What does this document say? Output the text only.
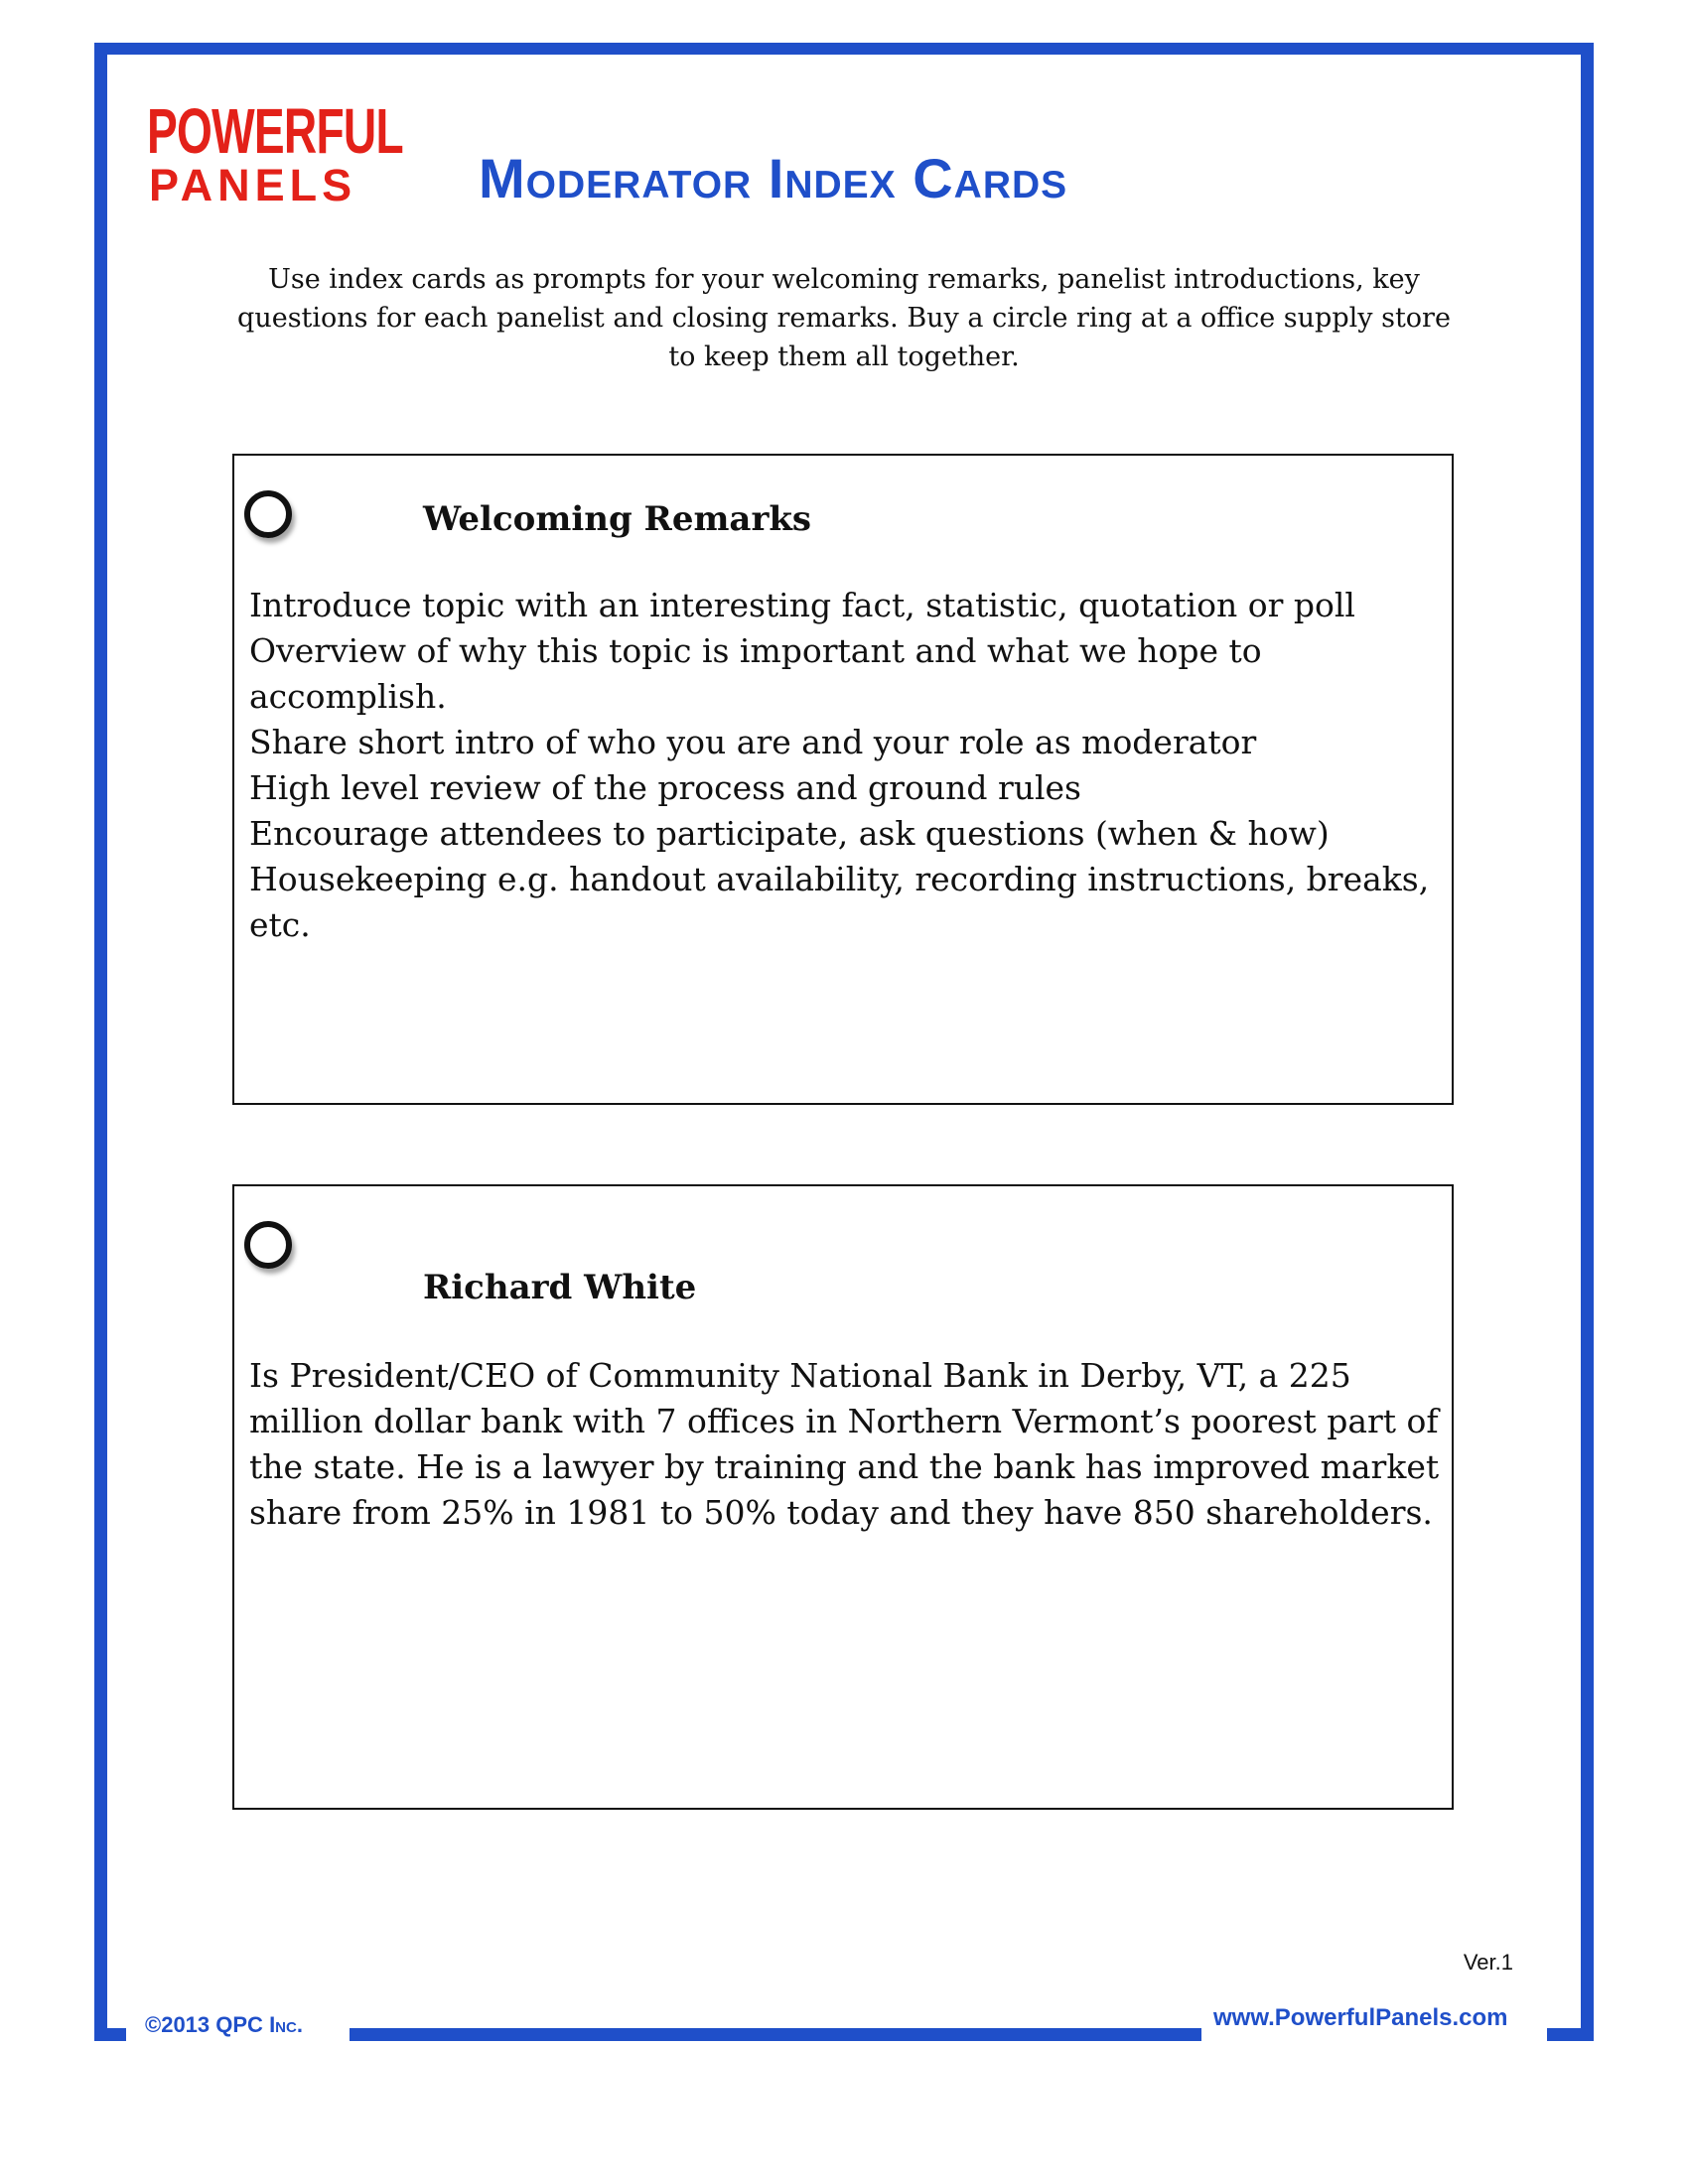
POWERFUL
PANELS Moderator Index Cards
Use index cards as prompts for your welcoming remarks, panelist introductions, key questions for each panelist and closing remarks. Buy a circle ring at a office supply store to keep them all together.
Welcoming Remarks
Introduce topic with an interesting fact, statistic, quotation or poll
Overview of why this topic is important and what we hope to accomplish.
Share short intro of who you are and your role as moderator
High level review of the process and ground rules
Encourage attendees to participate, ask questions (when & how)
Housekeeping e.g. handout availability, recording instructions, breaks, etc.
Richard White
Is President/CEO of Community National Bank in Derby, VT, a 225 million dollar bank with 7 offices in Northern Vermont’s poorest part of the state. He is a lawyer by training and the bank has improved market share from 25% in 1981 to 50% today and they have 850 shareholders.
Ver.1
©2013 QPC Inc.	www.PowerfulPanels.com
